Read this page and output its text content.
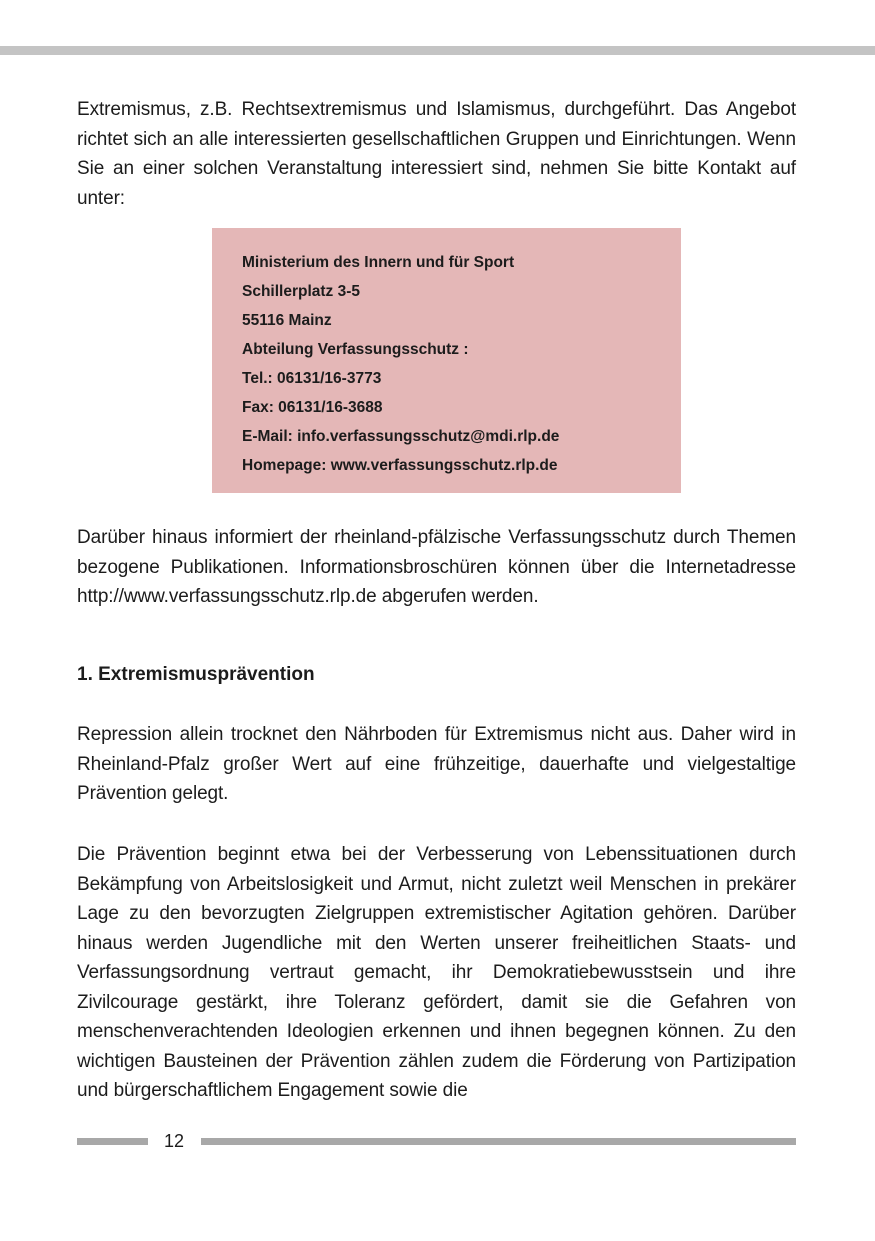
Extremismus, z.B. Rechtsextremismus und Islamismus, durchgeführt. Das Angebot richtet sich an alle interessierten gesellschaftlichen Gruppen und Einrichtungen. Wenn Sie an einer solchen Veranstaltung interessiert sind, nehmen Sie bitte Kontakt auf unter:

Ministerium des Innern und für Sport
Schillerplatz 3-5
55116 Mainz
Abteilung Verfassungsschutz :
Tel.: 06131/16-3773
Fax: 06131/16-3688
E-Mail: info.verfassungsschutz@mdi.rlp.de
Homepage: www.verfassungsschutz.rlp.de

Darüber hinaus informiert der rheinland-pfälzische Verfassungsschutz durch Themen bezogene Publikationen. Informationsbroschüren können über die Internetadresse http://www.verfassungsschutz.rlp.de abgerufen werden.

1. Extremismusprävention

Repression allein trocknet den Nährboden für Extremismus nicht aus. Daher wird in Rheinland-Pfalz großer Wert auf eine frühzeitige, dauerhafte und vielgestaltige Prävention gelegt.

Die Prävention beginnt etwa bei der Verbesserung von Lebenssituationen durch Bekämpfung von Arbeitslosigkeit und Armut, nicht zuletzt weil Menschen in prekärer Lage zu den bevorzugten Zielgruppen extremistischer Agitation gehören. Darüber hinaus werden Jugendliche mit den Werten unserer freiheitlichen Staats- und Verfassungsordnung vertraut gemacht, ihr Demokratiebewusstsein und ihre Zivilcourage gestärkt, ihre Toleranz gefördert, damit sie die Gefahren von menschenverachtenden Ideologien erkennen und ihnen begegnen können. Zu den wichtigen Bausteinen der Prävention zählen zudem die Förderung von Partizipation und bürgerschaftlichem Engagement sowie die

12
